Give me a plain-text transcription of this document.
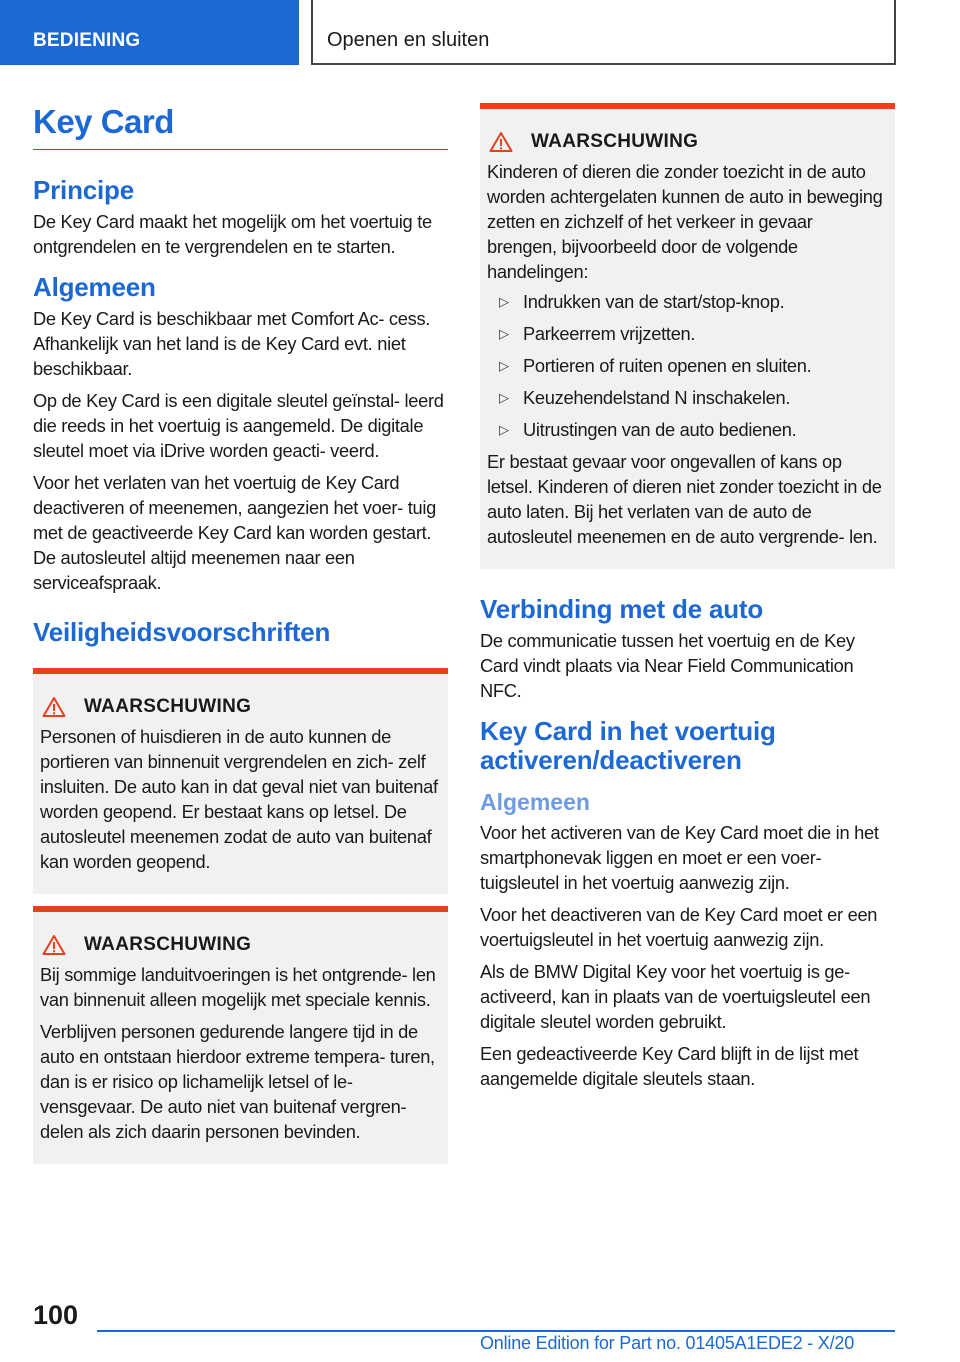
BEDIENING	Openen en sluiten
Key Card
Principe

De Key Card maakt het mogelijk om het voertuig te ontgrendelen en te vergrendelen en te starten.

Algemeen

De Key Card is beschikbaar met Comfort Ac- cess. Afhankelijk van het land is de Key Card evt. niet beschikbaar.

Op de Key Card is een digitale sleutel geïnstal- leerd die reeds in het voertuig is aangemeld. De digitale sleutel moet via iDrive worden geacti- veerd.

Voor het verlaten van het voertuig de Key Card deactiveren of meenemen, aangezien het voer- tuig met de geactiveerde Key Card kan worden gestart. De autosleutel altijd meenemen naar een serviceafspraak.

Veiligheidsvoorschriften
WAARSCHUWING

Personen of huisdieren in de auto kunnen de portieren van binnenuit vergrendelen en zich- zelf insluiten. De auto kan in dat geval niet van buitenaf worden geopend. Er bestaat kans op letsel. De autosleutel meenemen zodat de auto van buitenaf kan worden geopend.

WAARSCHUWING

Bij sommige landuitvoeringen is het ontgrende- len van binnenuit alleen mogelijk met speciale kennis.

Verblijven personen gedurende langere tijd in de auto en ontstaan hierdoor extreme tempera- turen, dan is er risico op lichamelijk letsel of le- vensgevaar. De auto niet van buitenaf vergren- delen als zich daarin personen bevinden.

WAARSCHUWING

Kinderen of dieren die zonder toezicht in de auto worden achtergelaten kunnen de auto in beweging zetten en zichzelf of het verkeer in gevaar brengen, bijvoorbeeld door de volgende handelingen:

▷ Indrukken van de start/stop-knop.
▷ Parkeerrem vrijzetten.
▷ Portieren of ruiten openen en sluiten.
▷ Keuzehendelstand N inschakelen.
▷ Uitrustingen van de auto bedienen.

Er bestaat gevaar voor ongevallen of kans op letsel. Kinderen of dieren niet zonder toezicht in de auto laten. Bij het verlaten van de auto de autosleutel meenemen en de auto vergrende- len.

Verbinding met de auto

De communicatie tussen het voertuig en de Key Card vindt plaats via Near Field Communication NFC.

Key Card in het voertuig activeren/deactiveren
Algemeen

Voor het activeren van de Key Card moet die in het smartphonevak liggen en moet er een voer- tuigsleutel in het voertuig aanwezig zijn.

Voor het deactiveren van de Key Card moet er een voertuigsleutel in het voertuig aanwezig zijn.

Als de BMW Digital Key voor het voertuig is ge- activeerd, kan in plaats van de voertuigsleutel een digitale sleutel worden gebruikt.

Een gedeactiveerde Key Card blijft in de lijst met aangemelde digitale sleutels staan.

100
Online Edition for Part no. 01405A1EDE2 - X/20
